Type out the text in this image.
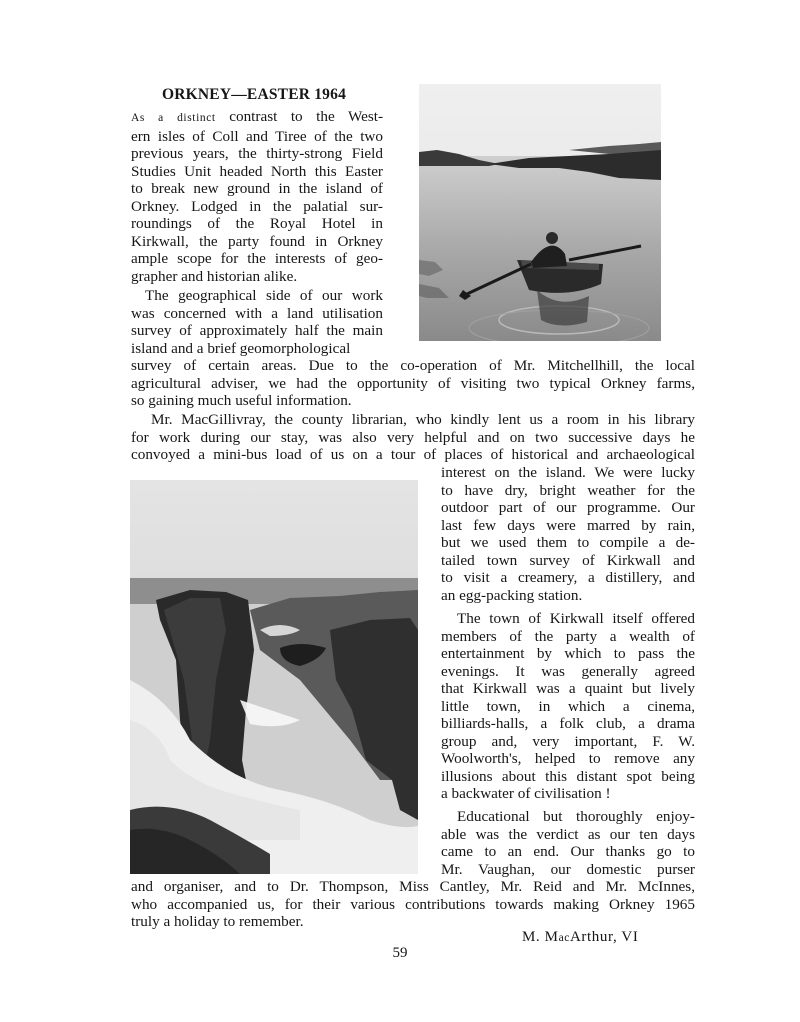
ORKNEY—EASTER 1964
As a distinct contrast to the West-
ern isles of Coll and Tiree of the two
previous years, the thirty-strong Field
Studies Unit headed North this Easter
to break new ground in the island of
Orkney. Lodged in the palatial sur-
roundings of the Royal Hotel in
Kirkwall, the party found in Orkney
ample scope for the interests of geo-
grapher and historian alike.
The geographical side of our work
was concerned with a land utilisation
survey of approximately half the main
island and a brief geomorphological
survey of certain areas. Due to the co-operation of Mr. Mitchellhill, the local
agricultural adviser, we had the opportunity of visiting two typical Orkney farms,
so gaining much useful information.
Mr. MacGillivray, the county librarian, who kindly lent us a room in his library
for work during our stay, was also very helpful and on two successive days he
convoyed a mini-bus load of us on a tour of places of historical and archaeological
interest on the island. We were lucky
to have dry, bright weather for the
outdoor part of our programme. Our
last few days were marred by rain,
but we used them to compile a de-
tailed town survey of Kirkwall and
to visit a creamery, a distillery, and
an egg-packing station.
The town of Kirkwall itself offered
members of the party a wealth of
entertainment by which to pass the
evenings. It was generally agreed
that Kirkwall was a quaint but lively
little town, in which a cinema,
billiards-halls, a folk club, a drama
group and, very important, F. W.
Woolworth's, helped to remove any
illusions about this distant spot being
a backwater of civilisation !
Educational but thoroughly enjoy-
able was the verdict as our ten days
came to an end. Our thanks go to
Mr. Vaughan, our domestic purser
and organiser, and to Dr. Thompson, Miss Cantley, Mr. Reid and Mr. McInnes,
who accompanied us, for their various contributions towards making Orkney 1965
truly a holiday to remember.
M. MacArthur, VI
59
